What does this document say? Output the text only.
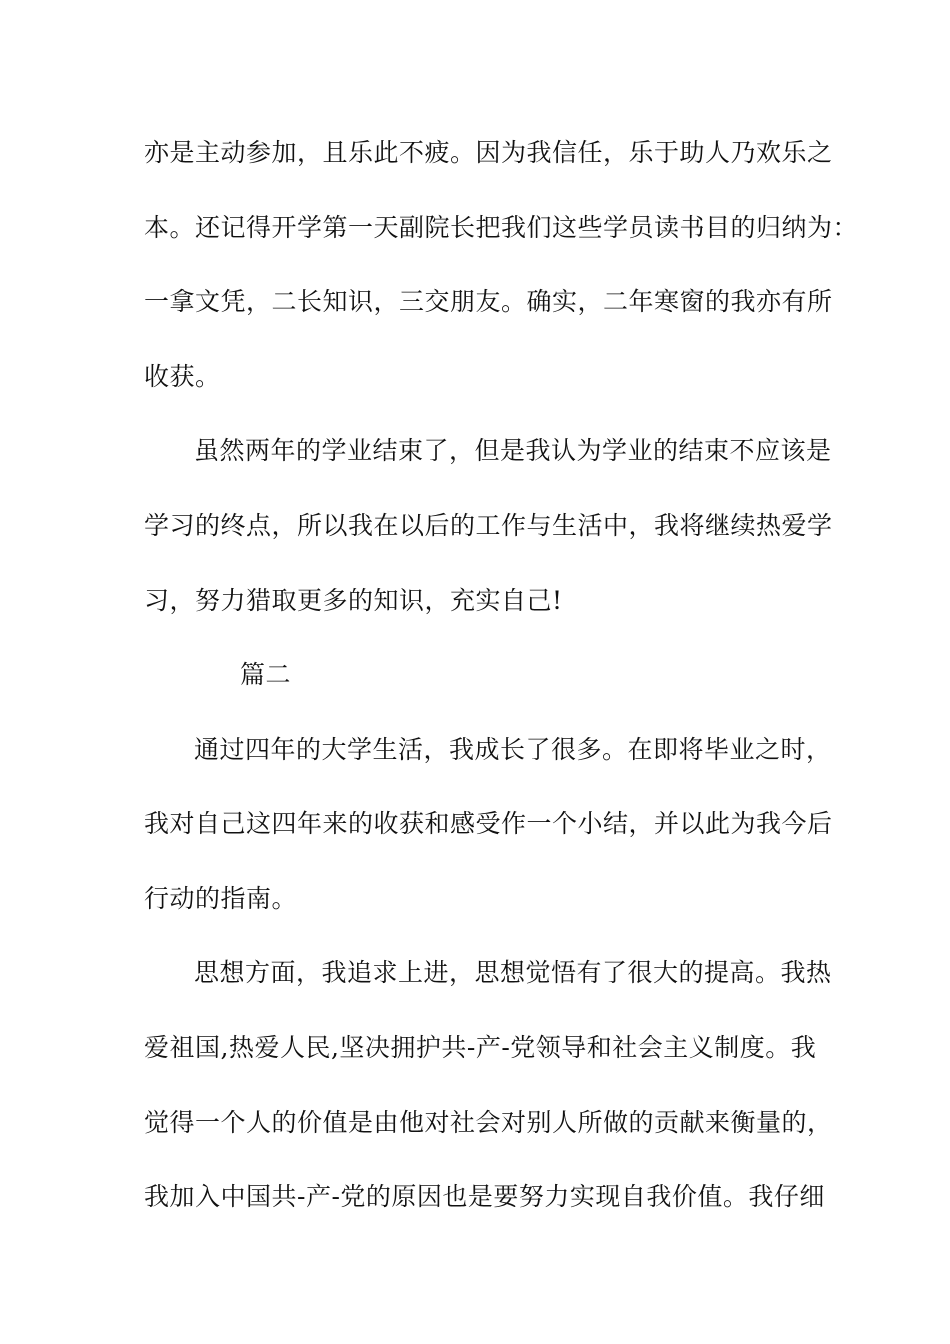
亦是主动参加，且乐此不疲。因为我信任，乐于助人乃欢乐之
本。还记得开学第一天副院长把我们这些学员读书目的归纳为：
一拿文凭，二长知识，三交朋友。确实，二年寒窗的我亦有所
收获。
虽然两年的学业结束了，但是我认为学业的结束不应该是
学习的终点，所以我在以后的工作与生活中，我将继续热爱学
习，努力猎取更多的知识，充实自己!
篇二
通过四年的大学生活，我成长了很多。在即将毕业之时，
我对自己这四年来的收获和感受作一个小结，并以此为我今后
行动的指南。
思想方面，我追求上进，思想觉悟有了很大的提高。我热
爱祖国,热爱人民,坚决拥护共-产-党领导和社会主义制度。我
觉得一个人的价值是由他对社会对别人所做的贡献来衡量的，
我加入中国共-产-党的原因也是要努力实现自我价值。我仔细
